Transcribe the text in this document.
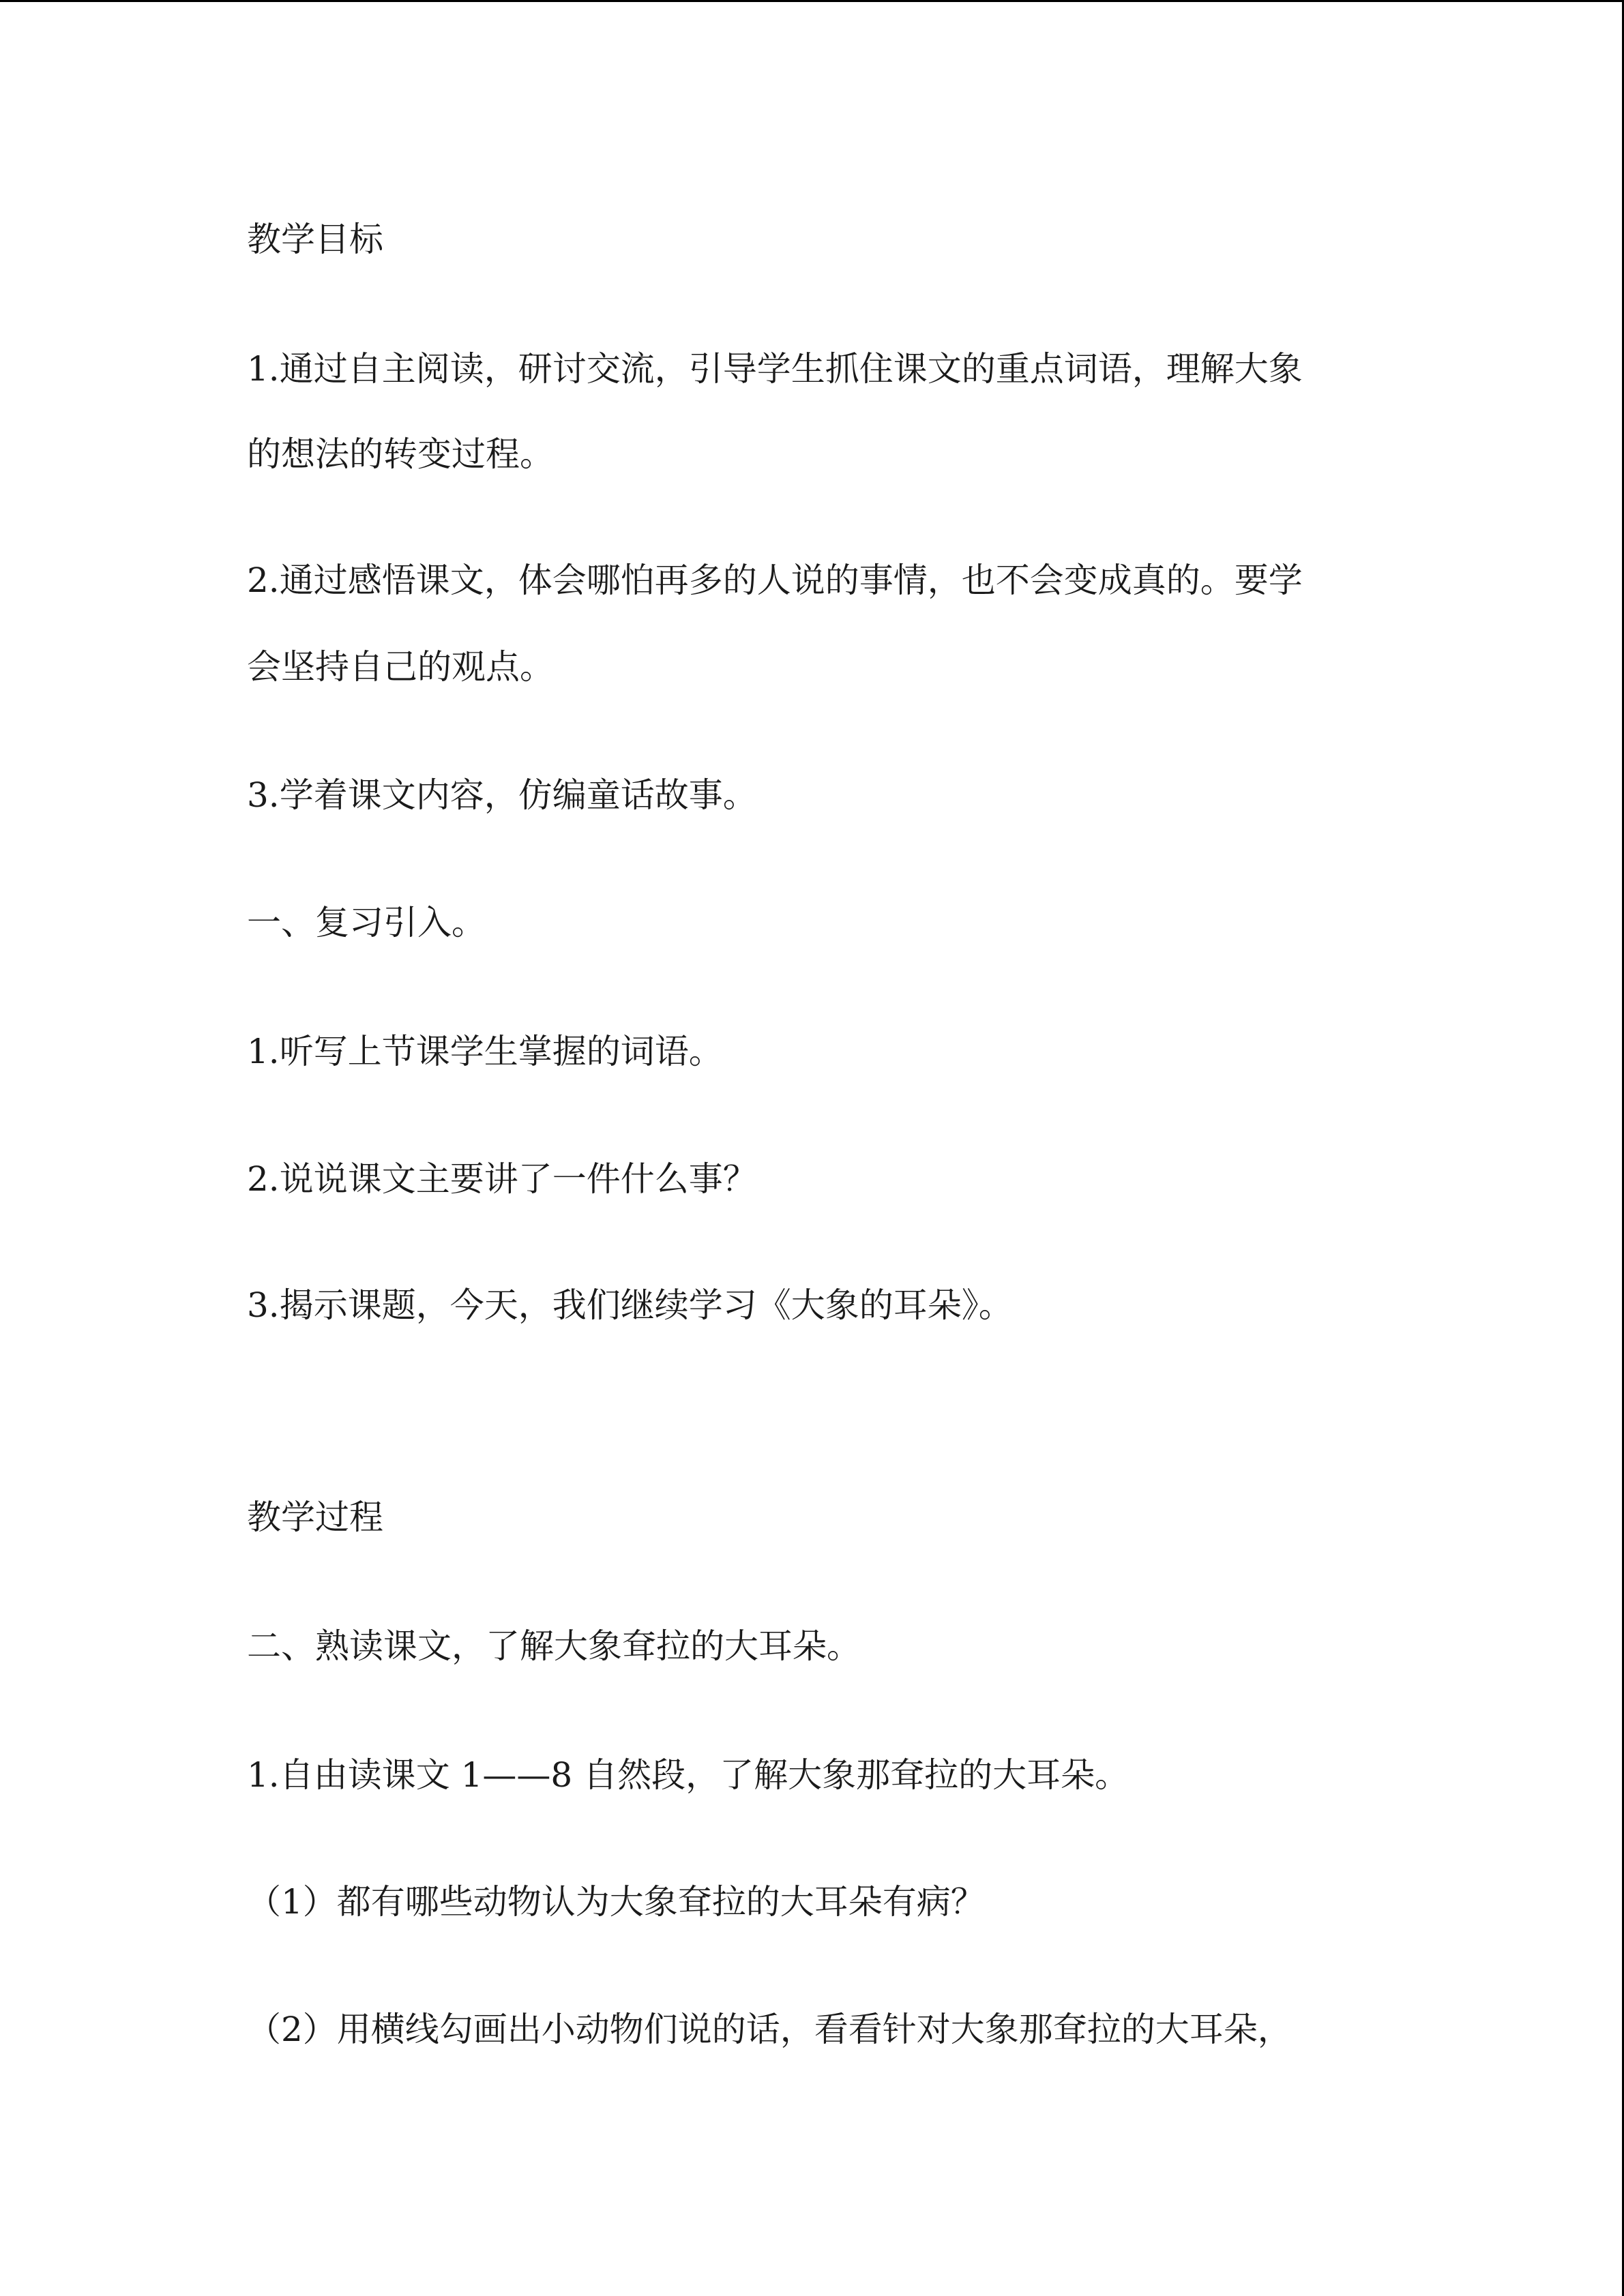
教学目标

1.通过自主阅读，研讨交流，引导学生抓住课文的重点词语，理解大象

的想法的转变过程。

2.通过感悟课文，体会哪怕再多的人说的事情，也不会变成真的。要学

会坚持自己的观点。

3.学着课文内容，仿编童话故事。

一、复习引入。

1.听写上节课学生掌握的词语。

2.说说课文主要讲了一件什么事？

3.揭示课题，今天，我们继续学习《大象的耳朵》。

教学过程

二、熟读课文，了解大象耷拉的大耳朵。

1.自由读课文 1——8 自然段，了解大象那耷拉的大耳朵。

（1）都有哪些动物认为大象耷拉的大耳朵有病？

（2）用横线勾画出小动物们说的话，看看针对大象那耷拉的大耳朵，
